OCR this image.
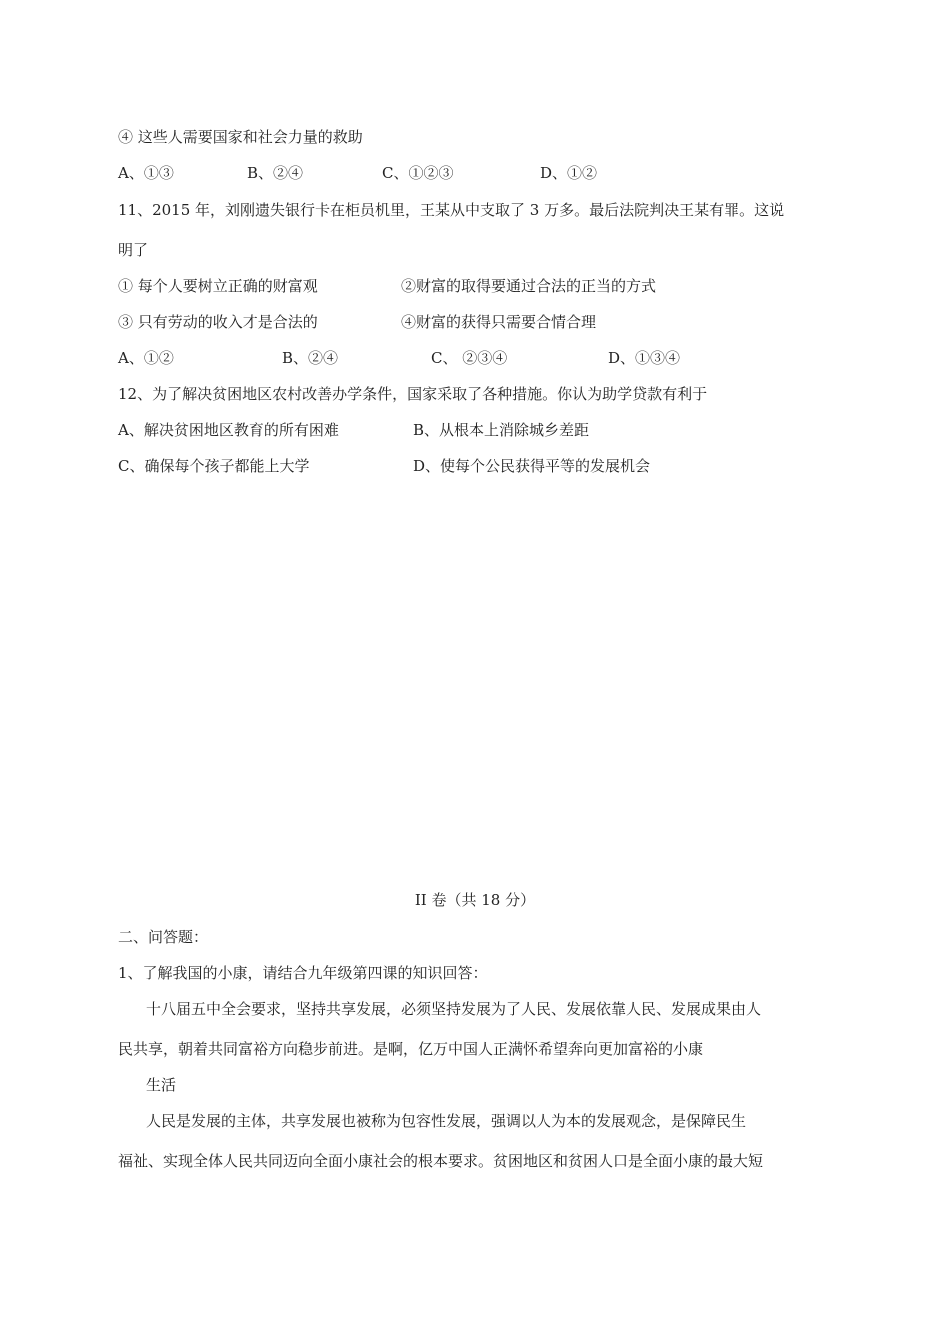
④ 这些人需要国家和社会力量的救助
A、①③	B、②④	C、①②③	D、①②
11、2015 年，刘刚遗失银行卡在柜员机里，王某从中支取了 3 万多。最后法院判决王某有罪。这说
明了
① 每个人要树立正确的财富观	②财富的取得要通过合法的正当的方式
③ 只有劳动的收入才是合法的	④财富的获得只需要合情合理
A、①②	B、②④	C、 ②③④	D、①③④
12、为了解决贫困地区农村改善办学条件，国家采取了各种措施。你认为助学贷款有利于
A、解决贫困地区教育的所有困难	B、从根本上消除城乡差距
C、确保每个孩子都能上大学	D、使每个公民获得平等的发展机会
II 卷（共 18 分）
二、问答题：
1、了解我国的小康，请结合九年级第四课的知识回答：
十八届五中全会要求，坚持共享发展，必须坚持发展为了人民、发展依靠人民、发展成果由人
民共享，朝着共同富裕方向稳步前进。是啊，亿万中国人正满怀希望奔向更加富裕的小康
生活
人民是发展的主体，共享发展也被称为包容性发展，强调以人为本的发展观念，是保障民生
福祉、实现全体人民共同迈向全面小康社会的根本要求。贫困地区和贫困人口是全面小康的最大短
